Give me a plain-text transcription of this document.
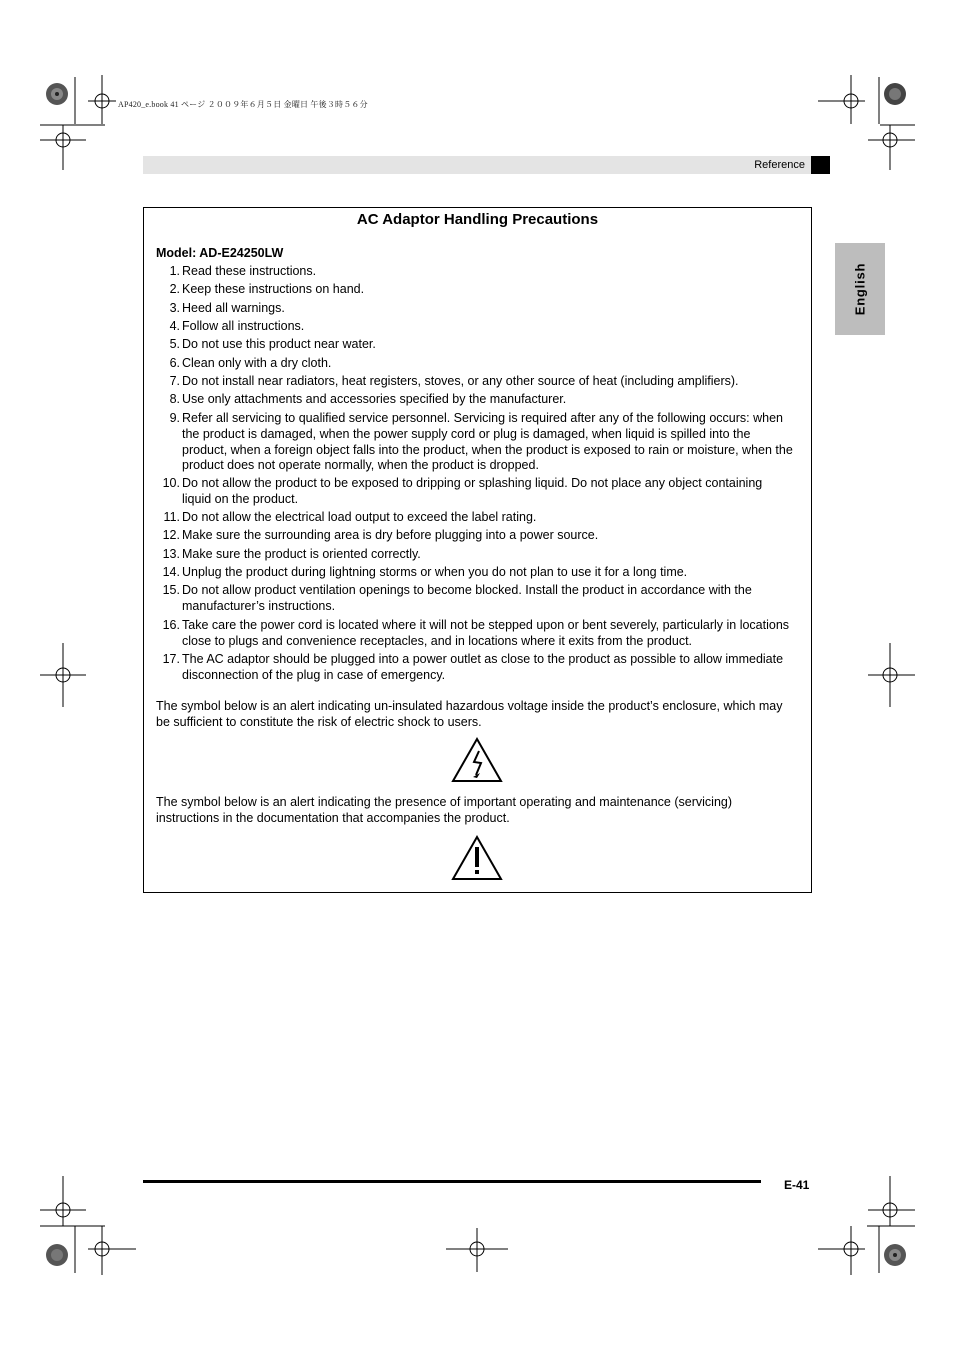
AP420_e.book 41 ページ ２００９年６月５日 金曜日 午後３時５６分
Reference
English
AC Adaptor Handling Precautions
Model: AD-E24250LW
1. Read these instructions.
2. Keep these instructions on hand.
3. Heed all warnings.
4. Follow all instructions.
5. Do not use this product near water.
6. Clean only with a dry cloth.
7. Do not install near radiators, heat registers, stoves, or any other source of heat (including amplifiers).
8. Use only attachments and accessories specified by the manufacturer.
9. Refer all servicing to qualified service personnel. Servicing is required after any of the following occurs: when the product is damaged, when the power supply cord or plug is damaged, when liquid is spilled into the product, when a foreign object falls into the product, when the product is exposed to rain or moisture, when the product does not operate normally, when the product is dropped.
10. Do not allow the product to be exposed to dripping or splashing liquid. Do not place any object containing liquid on the product.
11. Do not allow the electrical load output to exceed the label rating.
12. Make sure the surrounding area is dry before plugging into a power source.
13. Make sure the product is oriented correctly.
14. Unplug the product during lightning storms or when you do not plan to use it for a long time.
15. Do not allow product ventilation openings to become blocked. Install the product in accordance with the manufacturer’s instructions.
16. Take care the power cord is located where it will not be stepped upon or bent severely, particularly in locations close to plugs and convenience receptacles, and in locations where it exits from the product.
17. The AC adaptor should be plugged into a power outlet as close to the product as possible to allow immediate disconnection of the plug in case of emergency.
The symbol below is an alert indicating un-insulated hazardous voltage inside the product’s enclosure, which may be sufficient to constitute the risk of electric shock to users.
The symbol below is an alert indicating the presence of important operating and maintenance (servicing) instructions in the documentation that accompanies the product.
E-41
